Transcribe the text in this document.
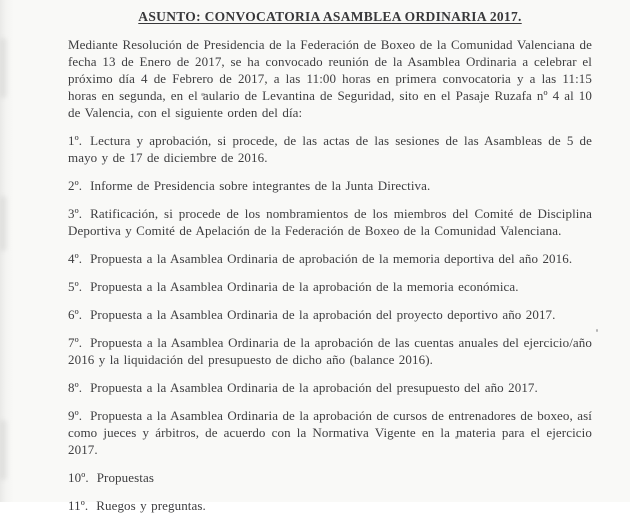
ASUNTO: CONVOCATORIA ASAMBLEA ORDINARIA 2017.

Mediante Resolución de Presidencia de la Federación de Boxeo de la Comunidad Valenciana de fecha 13 de Enero de 2017, se ha convocado reunión de la Asamblea Ordinaria a celebrar el próximo día 4 de Febrero de 2017, a las 11:00 horas en primera convocatoria y a las 11:15 horas en segunda, en el aulario de Levantina de Seguridad, sito en el Pasaje Ruzafa nº 4 al 10 de Valencia, con el siguiente orden del día:

1º. Lectura y aprobación, si procede, de las actas de las sesiones de las Asambleas de 5 de mayo y de 17 de diciembre de 2016.
2º. Informe de Presidencia sobre integrantes de la Junta Directiva.
3º. Ratificación, si procede de los nombramientos de los miembros del Comité de Disciplina Deportiva y Comité de Apelación de la Federación de Boxeo de la Comunidad Valenciana.
4º. Propuesta a la Asamblea Ordinaria de aprobación de la memoria deportiva del año 2016.
5º. Propuesta a la Asamblea Ordinaria de la aprobación de la memoria económica.
6º. Propuesta a la Asamblea Ordinaria de la aprobación del proyecto deportivo año 2017.
7º. Propuesta a la Asamblea Ordinaria de la aprobación de las cuentas anuales del ejercicio/año 2016 y la liquidación del presupuesto de dicho año (balance 2016).
8º. Propuesta a la Asamblea Ordinaria de la aprobación del presupuesto del año 2017.
9º. Propuesta a la Asamblea Ordinaria de la aprobación de cursos de entrenadores de boxeo, así como jueces y árbitros, de acuerdo con la Normativa Vigente en la materia para el ejercicio 2017.
10º. Propuestas
11º. Ruegos y preguntas.
